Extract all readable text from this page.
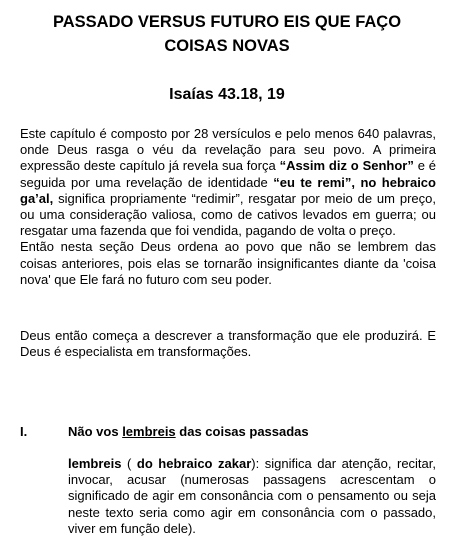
PASSADO VERSUS FUTURO EIS QUE FAÇO COISAS NOVAS
Isaías 43.18, 19
Este capítulo é composto por 28 versículos e pelo menos 640 palavras, onde Deus rasga o véu da revelação para seu povo. A primeira expressão deste capítulo já revela sua força “Assim diz o Senhor” e é seguida por uma revelação de identidade “eu te remi”, no hebraico ga’al, significa propriamente “redimir”, resgatar por meio de um preço, ou uma consideração valiosa, como de cativos levados em guerra; ou resgatar uma fazenda que foi vendida, pagando de volta o preço.
Então nesta seção Deus ordena ao povo que não se lembrem das coisas anteriores, pois elas se tornarão insignificantes diante da 'coisa nova' que Ele fará no futuro com seu poder.
Deus então começa a descrever a transformação que ele produzirá. E Deus é especialista em transformações.
I.	Não vos lembreis das coisas passadas
lembreis ( do hebraico zakar): significa dar atenção, recitar, invocar, acusar (numerosas passagens acrescentam o significado de agir em consonância com o pensamento ou seja neste texto seria como agir em consonância com o passado, viver em função dele).
